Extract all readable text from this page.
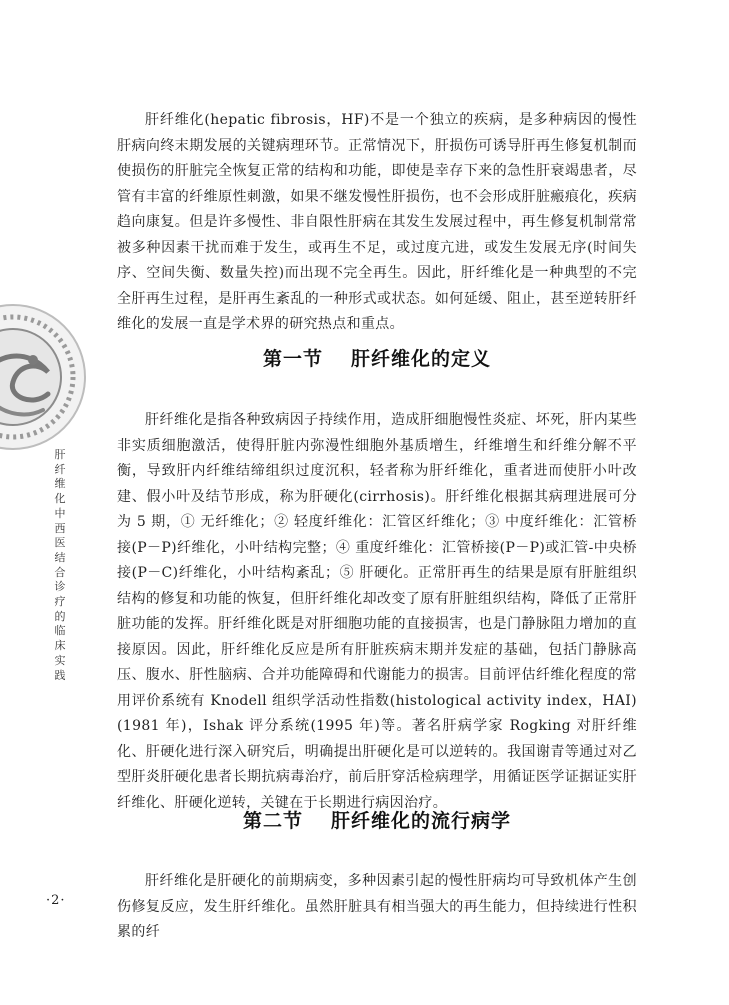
肝纤维化(hepatic fibrosis，HF)不是一个独立的疾病，是多种病因的慢性肝病向终末期发展的关键病理环节。正常情况下，肝损伤可诱导肝再生修复机制而使损伤的肝脏完全恢复正常的结构和功能，即使是幸存下来的急性肝衰竭患者，尽管有丰富的纤维原性刺激，如果不继发慢性肝损伤，也不会形成肝脏瘢痕化，疾病趋向康复。但是许多慢性、非自限性肝病在其发生发展过程中，再生修复机制常常被多种因素干扰而难于发生，或再生不足，或过度亢进，或发生发展无序(时间失序、空间失衡、数量失控)而出现不完全再生。因此，肝纤维化是一种典型的不完全肝再生过程，是肝再生紊乱的一种形式或状态。如何延缓、阻止，甚至逆转肝纤维化的发展一直是学术界的研究热点和重点。

第一节 肝纤维化的定义

肝纤维化是指各种致病因子持续作用，造成肝细胞慢性炎症、坏死，肝内某些非实质细胞激活，使得肝脏内弥漫性细胞外基质增生，纤维增生和纤维分解不平衡，导致肝内纤维结缔组织过度沉积，轻者称为肝纤维化，重者进而使肝小叶改建、假小叶及结节形成，称为肝硬化(cirrhosis)。肝纤维化根据其病理进展可分为 5 期，① 无纤维化；② 轻度纤维化：汇管区纤维化；③ 中度纤维化：汇管桥接(P－P)纤维化，小叶结构完整；④ 重度纤维化：汇管桥接(P－P)或汇管-中央桥接(P－C)纤维化，小叶结构紊乱；⑤ 肝硬化。正常肝再生的结果是原有肝脏组织结构的修复和功能的恢复，但肝纤维化却改变了原有肝脏组织结构，降低了正常肝脏功能的发挥。肝纤维化既是对肝细胞功能的直接损害，也是门静脉阻力增加的直接原因。因此，肝纤维化反应是所有肝脏疾病末期并发症的基础，包括门静脉高压、腹水、肝性脑病、合并功能障碍和代谢能力的损害。目前评估纤维化程度的常用评价系统有 Knodell 组织学活动性指数(histological activity index，HAI)(1981 年)，Ishak 评分系统(1995 年)等。著名肝病学家 Rogking 对肝纤维化、肝硬化进行深入研究后，明确提出肝硬化是可以逆转的。我国谢青等通过对乙型肝炎肝硬化患者长期抗病毒治疗，前后肝穿活检病理学，用循证医学证据证实肝纤维化、肝硬化逆转，关键在于长期进行病因治疗。

第二节 肝纤维化的流行病学

肝纤维化是肝硬化的前期病变，多种因素引起的慢性肝病均可导致机体产生创伤修复反应，发生肝纤维化。虽然肝脏具有相当强大的再生能力，但持续进行性积累的纤

肝纤维化中西医结合诊疗的临床实践
·2·
